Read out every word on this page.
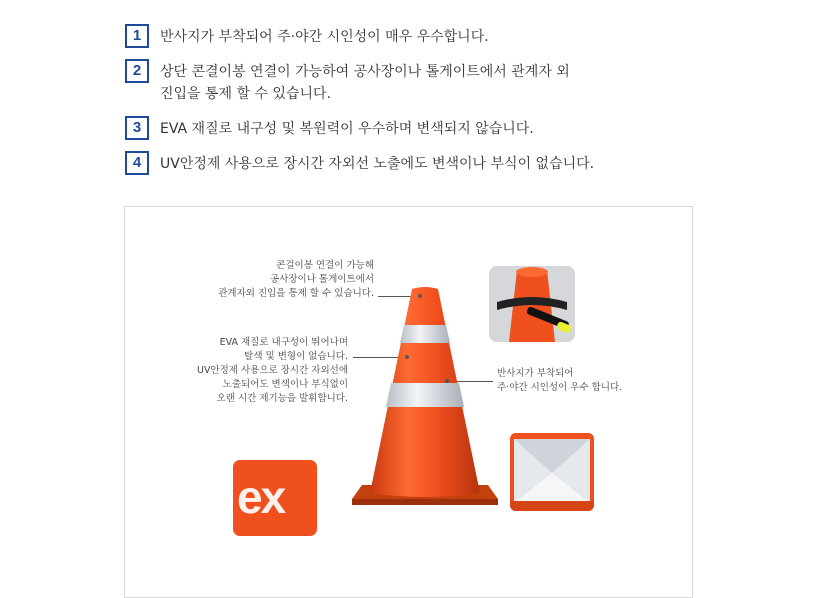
1	반사지가 부착되어 주·야간 시인성이 매우 우수합니다.
2	상단 콘결이봉 연결이 가능하여 공사장이나 톨게이트에서 관계자 외
진입을 통제 할 수 있습니다.
3	EVA 재질로 내구성 및 복원력이 우수하며 변색되지 않습니다.
4	UV안정제 사용으로 장시간 자외선 노출에도 변색이나 부식이 없습니다.
콘걸이봉 연결이 가능해
공사장이나 톨게이트에서
관계자외 진입을 통제 할 수 있습니다.
EVA 재질로 내구성이 뛰어나며
탈색 및 변형이 없습니다.
UV안정제 사용으로 장시간 자외선에
노출되어도 변색이나 부식없이
오랜 시간 제기능을 발휘합니다.
반사지가 부착되어
주·야간 시인성이 우수 합니다.
ex
